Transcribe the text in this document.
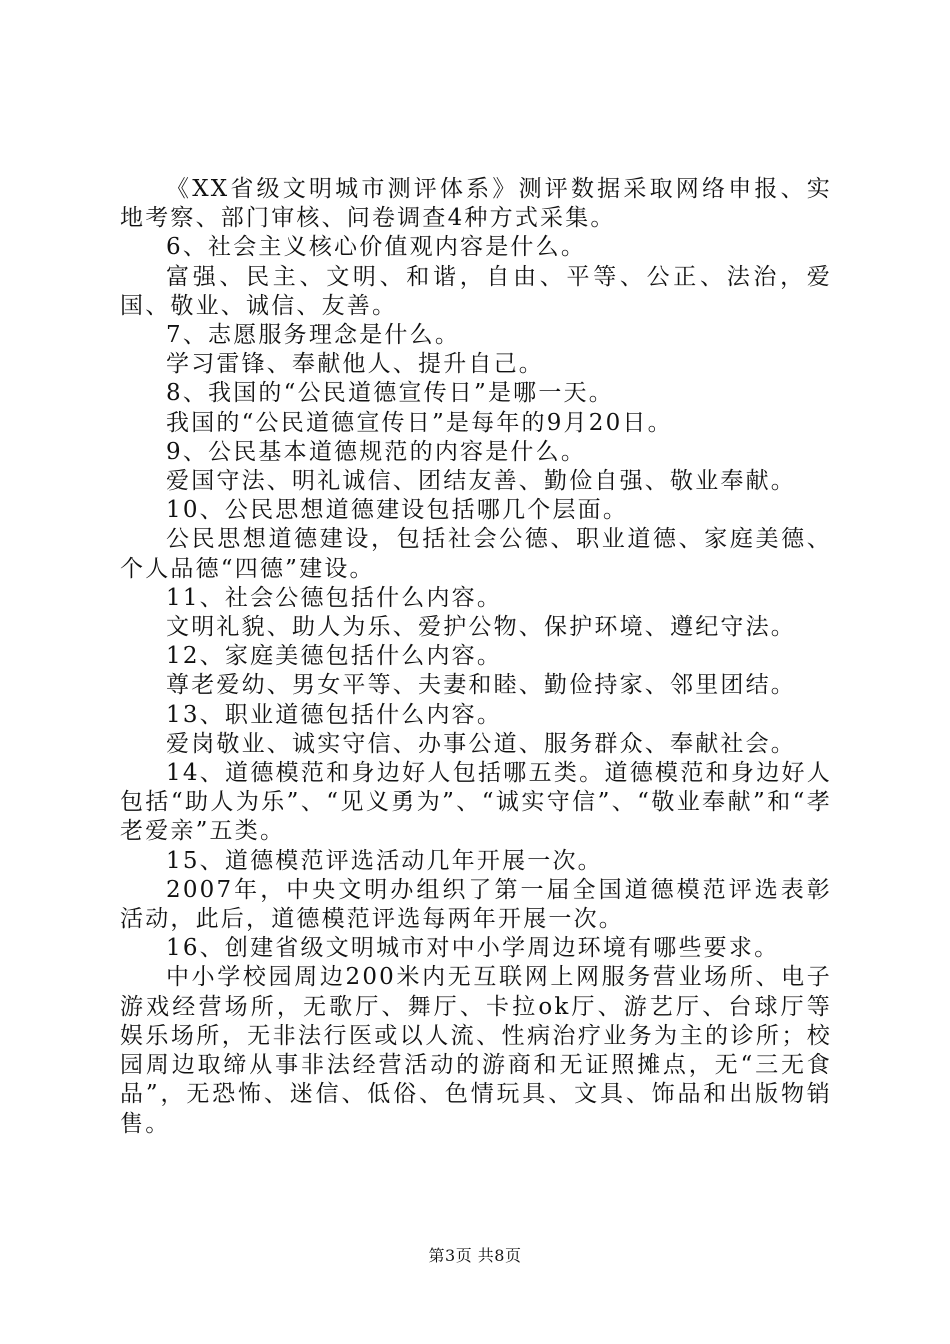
《XX省级文明城市测评体系》测评数据采取网络申报、实地考察、部门审核、问卷调查4种方式采集。

6、社会主义核心价值观内容是什么。

富强、民主、文明、和谐，自由、平等、公正、法治，爱国、敬业、诚信、友善。

7、志愿服务理念是什么。

学习雷锋、奉献他人、提升自己。

8、我国的“公民道德宣传日”是哪一天。

我国的“公民道德宣传日”是每年的9月20日。

9、公民基本道德规范的内容是什么。

爱国守法、明礼诚信、团结友善、勤俭自强、敬业奉献。

10、公民思想道德建设包括哪几个层面。

公民思想道德建设，包括社会公德、职业道德、家庭美德、个人品德“四德”建设。

11、社会公德包括什么内容。

文明礼貌、助人为乐、爱护公物、保护环境、遵纪守法。

12、家庭美德包括什么内容。

尊老爱幼、男女平等、夫妻和睦、勤俭持家、邻里团结。

13、职业道德包括什么内容。

爱岗敬业、诚实守信、办事公道、服务群众、奉献社会。

14、道德模范和身边好人包括哪五类。道德模范和身边好人包括“助人为乐”、“见义勇为”、“诚实守信”、“敬业奉献”和“孝老爱亲”五类。

15、道德模范评选活动几年开展一次。

2007年，中央文明办组织了第一届全国道德模范评选表彰活动，此后，道德模范评选每两年开展一次。

16、创建省级文明城市对中小学周边环境有哪些要求。

中小学校园周边200米内无互联网上网服务营业场所、电子游戏经营场所，无歌厅、舞厅、卡拉ok厅、游艺厅、台球厅等娱乐场所，无非法行医或以人流、性病治疗业务为主的诊所；校园周边取缔从事非法经营活动的游商和无证照摊点，无“三无食品”，无恐怖、迷信、低俗、色情玩具、文具、饰品和出版物销售。

第3页 共8页
